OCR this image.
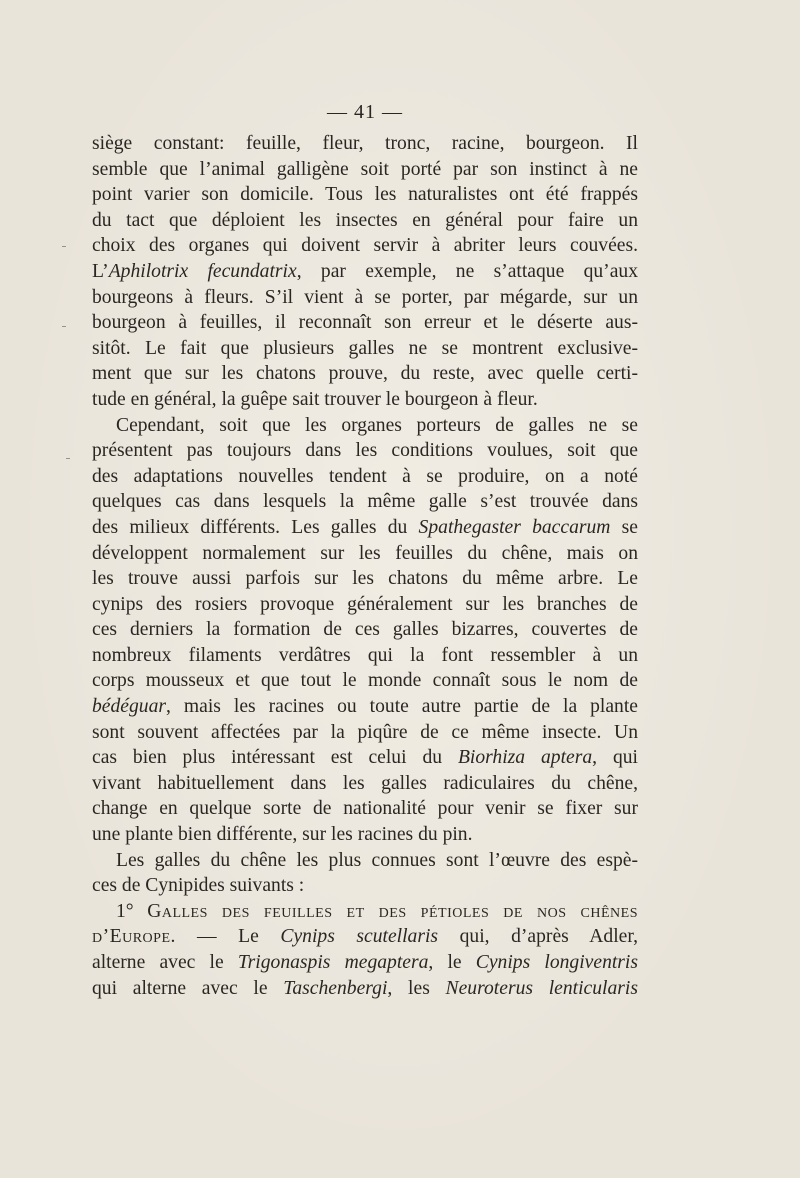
— 41 —
siège constant: feuille, fleur, tronc, racine, bourgeon. Il
semble que l’animal galligène soit porté par son instinct à ne
point varier son domicile. Tous les naturalistes ont été frappés
du tact que déploient les insectes en général pour faire un
choix des organes qui doivent servir à abriter leurs couvées.
L’Aphilotrix fecundatrix, par exemple, ne s’attaque qu’aux
bourgeons à fleurs. S’il vient à se porter, par mégarde, sur un
bourgeon à feuilles, il reconnaît son erreur et le déserte aus-
sitôt. Le fait que plusieurs galles ne se montrent exclusive-
ment que sur les chatons prouve, du reste, avec quelle certi-
tude en général, la guêpe sait trouver le bourgeon à fleur.
Cependant, soit que les organes porteurs de galles ne se
présentent pas toujours dans les conditions voulues, soit que
des adaptations nouvelles tendent à se produire, on a noté
quelques cas dans lesquels la même galle s’est trouvée dans
des milieux différents. Les galles du Spathegaster baccarum se
développent normalement sur les feuilles du chêne, mais on
les trouve aussi parfois sur les chatons du même arbre. Le
cynips des rosiers provoque généralement sur les branches de
ces derniers la formation de ces galles bizarres, couvertes de
nombreux filaments verdâtres qui la font ressembler à un
corps mousseux et que tout le monde connaît sous le nom de
bédéguar, mais les racines ou toute autre partie de la plante
sont souvent affectées par la piqûre de ce même insecte. Un
cas bien plus intéressant est celui du Biorhiza aptera, qui
vivant habituellement dans les galles radiculaires du chêne,
change en quelque sorte de nationalité pour venir se fixer sur
une plante bien différente, sur les racines du pin.
Les galles du chêne les plus connues sont l’œuvre des espè-
ces de Cynipides suivants :
1° Galles des feuilles et des pétioles de nos chênes
d’Europe. — Le Cynips scutellaris qui, d’après Adler,
alterne avec le Trigonaspis megaptera, le Cynips longiventris
qui alterne avec le Taschenbergi, les Neuroterus lenticularis
